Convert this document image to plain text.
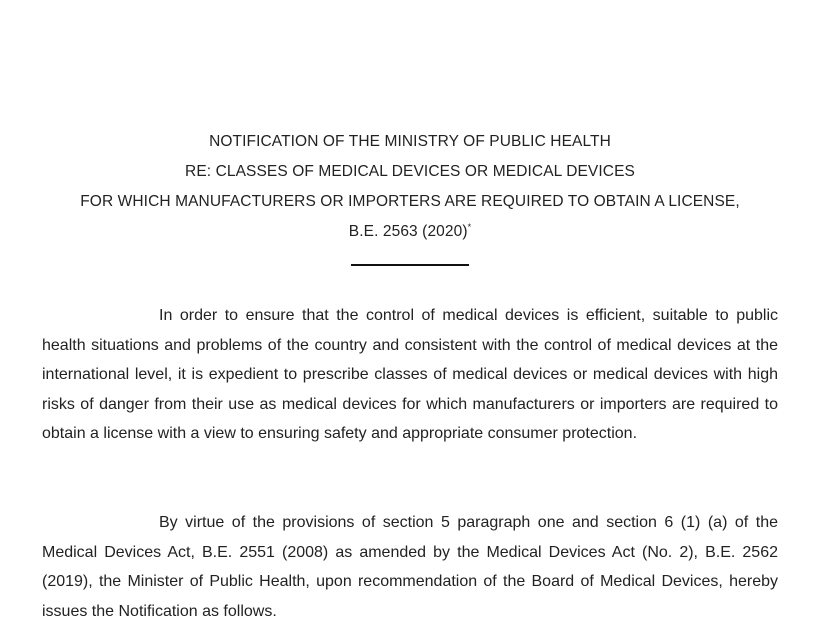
NOTIFICATION OF THE MINISTRY OF PUBLIC HEALTH
RE: CLASSES OF MEDICAL DEVICES OR MEDICAL DEVICES
FOR WHICH MANUFACTURERS OR IMPORTERS ARE REQUIRED TO OBTAIN A LICENSE,
B.E. 2563 (2020)*

In order to ensure that the control of medical devices is efficient, suitable to public health situations and problems of the country and consistent with the control of medical devices at the international level, it is expedient to prescribe classes of medical devices or medical devices with high risks of danger from their use as medical devices for which manufacturers or importers are required to obtain a license with a view to ensuring safety and appropriate consumer protection.

By virtue of the provisions of section 5 paragraph one and section 6 (1) (a) of the Medical Devices Act, B.E. 2551 (2008) as amended by the Medical Devices Act (No. 2), B.E. 2562 (2019), the Minister of Public Health, upon recommendation of the Board of Medical Devices, hereby issues the Notification as follows.
